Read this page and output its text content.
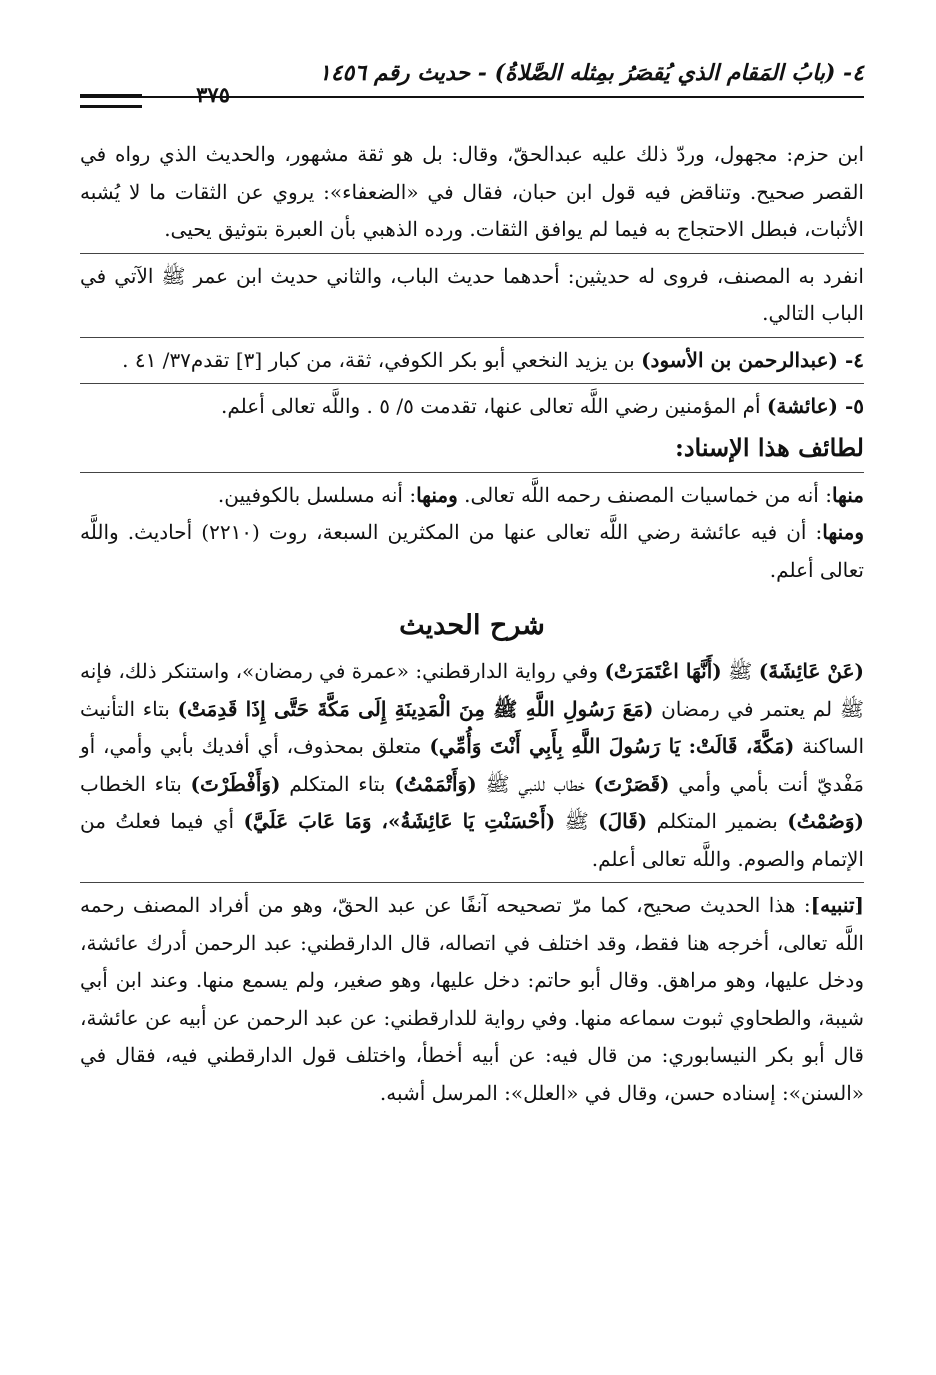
٤- (بابُ المَقام الذي يُقصَرُ بمِثله الصَّلاةُ) - حديث رقم ١٤٥٦
٣٧٥

ابن حزم: مجهول، وردّ ذلك عليه عبدالحقّ، وقال: بل هو ثقة مشهور، والحديث الذي رواه في القصر صحيح. وتناقض فيه قول ابن حبان، فقال في «الضعفاء»: يروي عن الثقات ما لا يُشبه الأثبات، فبطل الاحتجاج به فيما لم يوافق الثقات. ورده الذهبي بأن العبرة بتوثيق يحيى.

انفرد به المصنف، فروى له حديثين: أحدهما حديث الباب، والثاني حديث ابن عمر ﷺ الآتي في الباب التالي.

٤- (عبدالرحمن بن الأسود) بن يزيد النخعي أبو بكر الكوفي، ثقة، من كبار [٣] تقدم٣٧/ ٤١ .

٥- (عائشة) أم المؤمنين رضي اللَّه تعالى عنها، تقدمت ٥/ ٥ . واللَّه تعالى أعلم.

لطائف هذا الإسناد:

منها: أنه من خماسيات المصنف رحمه اللَّه تعالى. ومنها: أنه مسلسل بالكوفيين.

ومنها: أن فيه عائشة رضي اللَّه تعالى عنها من المكثرين السبعة، روت (٢٢١٠) أحاديث. واللَّه تعالى أعلم.

شرح الحديث

(عَنْ عَائِشَةَ) ﷺ (أَنَّهَا اعْتَمَرَتْ) وفي رواية الدارقطني: «عمرة في رمضان»، واستنكر ذلك، فإنه ﷺ لم يعتمر في رمضان (مَعَ رَسُولِ اللَّهِ ﷺ مِنَ الْمَدِينَةِ إِلَى مَكَّةَ حَتَّى إِذَا قَدِمَتْ) بتاء التأنيث الساكنة (مَكَّةَ، قَالَتْ: يَا رَسُولَ اللَّهِ بِأَبِي أَنْتَ وَأُمِّي) متعلق بمحذوف، أي أفديك بأبي وأمي، أو مَفْديّ أنت بأمي وأمي (قَصَرْتَ) خطاب للنبي ﷺ (وَأَتْمَمْتُ) بتاء المتكلم (وَأَفْطَرْتَ) بتاء الخطاب (وَصُمْتُ) بضمير المتكلم (قَالَ) ﷺ (أَحْسَنْتِ يَا عَائِشَةُ»، وَمَا عَابَ عَلَيَّ) أي فيما فعلتُ من الإتمام والصوم. واللَّه تعالى أعلم.

[تنبيه]: هذا الحديث صحيح، كما مرّ تصحيحه آنفًا عن عبد الحقّ، وهو من أفراد المصنف رحمه اللَّه تعالى، أخرجه هنا فقط، وقد اختلف في اتصاله، قال الدارقطني: عبد الرحمن أدرك عائشة، ودخل عليها، وهو مراهق. وقال أبو حاتم: دخل عليها، وهو صغير، ولم يسمع منها. وعند ابن أبي شيبة، والطحاوي ثبوت سماعه منها. وفي رواية للدارقطني: عن عبد الرحمن عن أبيه عن عائشة، قال أبو بكر النيسابوري: من قال فيه: عن أبيه أخطأ، واختلف قول الدارقطني فيه، فقال في «السنن»: إسناده حسن، وقال في «العلل»: المرسل أشبه.
